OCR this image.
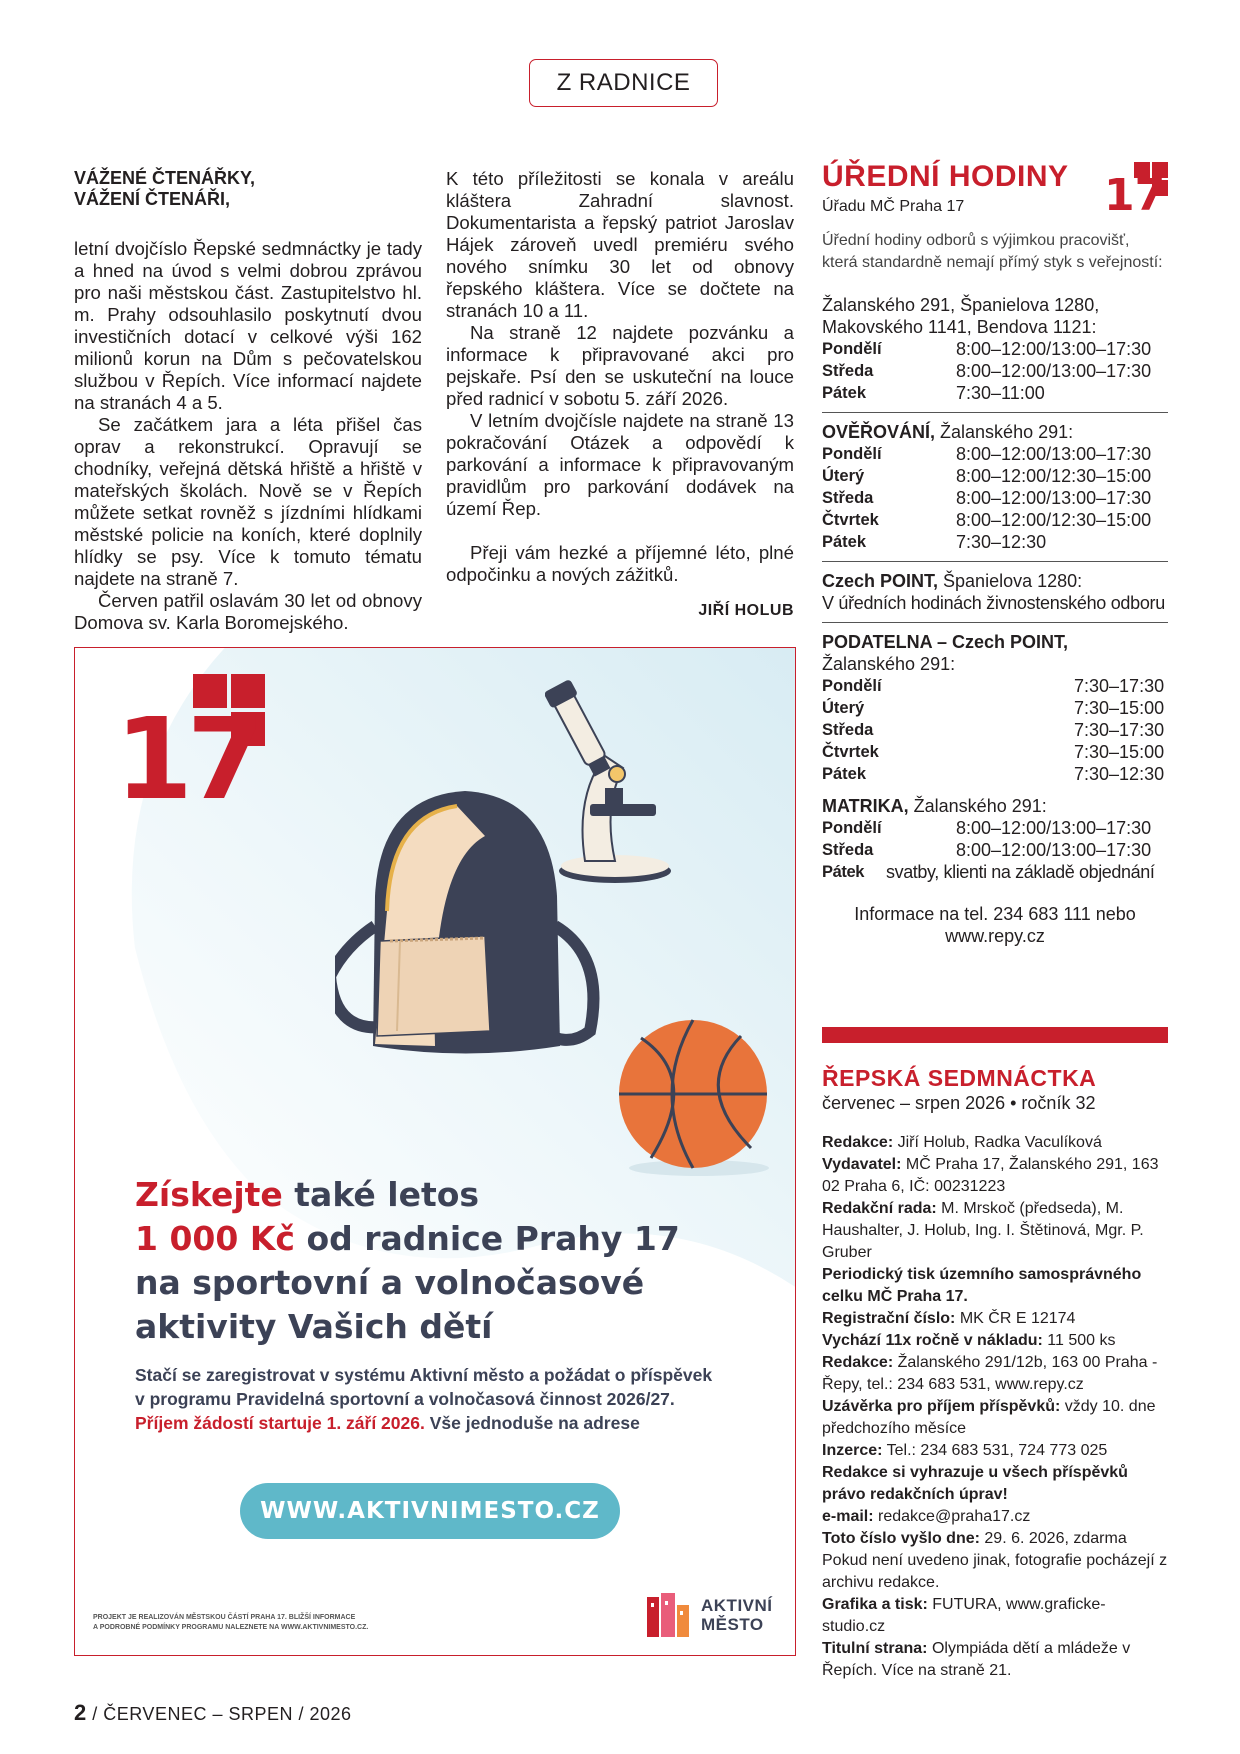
Z RADNICE
VÁŽENÉ ČTENÁŘKY,
VÁŽENÍ ČTENÁŘI,

letní dvojčíslo Řepské sedmnáctky je tady a hned na úvod s velmi dobrou zprávou pro naši městskou část. Zastupitelstvo hl. m. Prahy odsouhlasilo poskytnutí dvou investičních dotací v celkové výši 162 milionů korun na Dům s pečovatelskou službou v Řepích. Více informací najdete na stranách 4 a 5.

Se začátkem jara a léta přišel čas oprav a rekonstrukcí. Opravují se chodníky, veřejná dětská hřiště a hřiště v mateřských školách. Nově se v Řepích můžete setkat rovněž s jízdními hlídkami městské policie na koních, které doplnily hlídky se psy. Více k tomuto tématu najdete na straně 7.

Červen patřil oslavám 30 let od obnovy Domova sv. Karla Boromejského.

K této příležitosti se konala v areálu kláštera Zahradní slavnost. Dokumentarista a řepský patriot Jaroslav Hájek zároveň uvedl premiéru svého nového snímku 30 let od obnovy řepského kláštera. Více se dočtete na stranách 10 a 11.

Na straně 12 najdete pozvánku a informace k připravované akci pro pejskaře. Psí den se uskuteční na louce před radnicí v sobotu 5. září 2026.

V letním dvojčísle najdete na straně 13 pokračování Otázek a odpovědí k parkování a informace k připravovaným pravidlům pro parkování dodávek na území Řep.

Přeji vám hezké a příjemné léto, plné odpočinku a nových zážitků.

JIŘÍ HOLUB
ÚŘEDNÍ HODINY
Úřadu MČ Praha 17	17
Úřední hodiny odborů s výjimkou pracovišť, která standardně nemají přímý styk s veřejností:
Žalanského 291, Španielova 1280, Makovského 1141, Bendova 1121:
Pondělí	8:00–12:00/13:00–17:30
Středa	8:00–12:00/13:00–17:30
Pátek	7:30–11:00
OVĚŘOVÁNÍ, Žalanského 291:
Pondělí	8:00–12:00/13:00–17:30
Úterý	8:00–12:00/12:30–15:00
Středa	8:00–12:00/13:00–17:30
Čtvrtek	8:00–12:00/12:30–15:00
Pátek	7:30–12:30
Czech POINT, Španielova 1280:
V úředních hodinách živnostenského odboru
PODATELNA – Czech POINT,
Žalanského 291:
Pondělí	7:30–17:30
Úterý	7:30–15:00
Středa	7:30–17:30
Čtvrtek	7:30–15:00
Pátek	7:30–12:30
MATRIKA, Žalanského 291:
Pondělí	8:00–12:00/13:00–17:30
Středa	8:00–12:00/13:00–17:30
Pátek	svatby, klienti na základě objednání
Informace na tel. 234 683 111 nebo
www.repy.cz
ŘEPSKÁ SEDMNÁCTKA
červenec – srpen 2026 • ročník 32
Redakce: Jiří Holub, Radka Vaculíková
Vydavatel: MČ Praha 17, Žalanského 291, 163 02 Praha 6, IČ: 00231223
Redakční rada: M. Mrskoč (předseda), M. Haushalter, J. Holub, Ing. I. Štětinová, Mgr. P. Gruber
Periodický tisk územního samosprávného celku MČ Praha 17.
Registrační číslo: MK ČR E 12174
Vychází 11x ročně v nákladu: 11 500 ks
Redakce: Žalanského 291/12b, 163 00 Praha - Řepy, tel.: 234 683 531, www.repy.cz
Uzávěrka pro příjem příspěvků: vždy 10. dne předchozího měsíce
Inzerce: Tel.: 234 683 531, 724 773 025
Redakce si vyhrazuje u všech příspěvků právo redakčních úprav!
e-mail: redakce@praha17.cz
Toto číslo vyšlo dne: 29. 6. 2026, zdarma
Pokud není uvedeno jinak, fotografie pocházejí z archivu redakce.
Grafika a tisk: FUTURA, www.graficke-studio.cz
Titulní strana: Olympiáda dětí a mládeže v Řepích. Více na straně 21.
17
Získejte také letos
1 000 Kč od radnice Prahy 17
na sportovní a volnočasové
aktivity Vašich dětí
Stačí se zaregistrovat v systému Aktivní město a požádat o příspěvek
v programu Pravidelná sportovní a volnočasová činnost 2026/27.
Příjem žádostí startuje 1. září 2026. Vše jednoduše na adrese
WWW.AKTIVNIMESTO.CZ
PROJEKT JE REALIZOVÁN MĚSTSKOU ČÁSTÍ PRAHA 17. BLIŽŠÍ INFORMACE
A PODROBNÉ PODMÍNKY PROGRAMU NALEZNETE NA WWW.AKTIVNIMESTO.CZ.
AKTIVNÍ
MĚSTO
2 / ČERVENEC – SRPEN / 2026
